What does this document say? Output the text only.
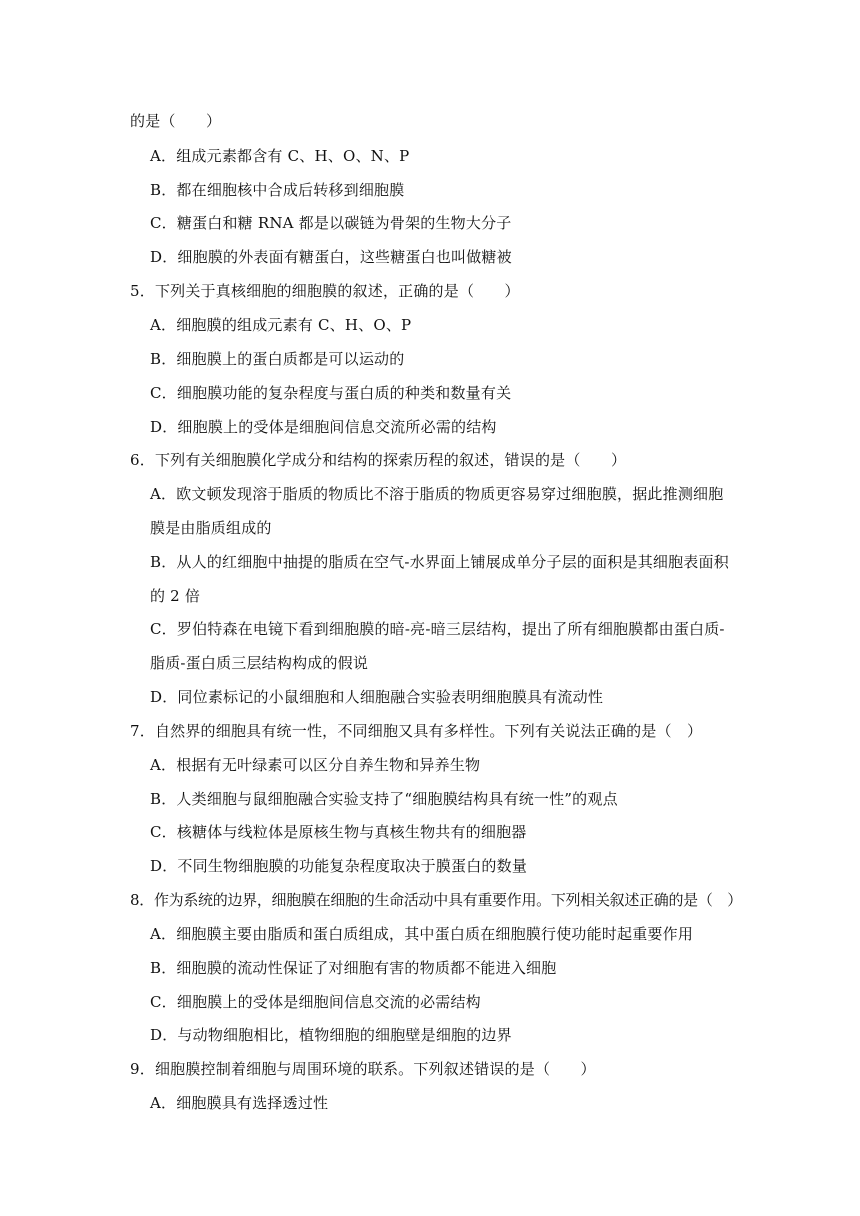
的是（　　）
A．组成元素都含有 C、H、O、N、P
B．都在细胞核中合成后转移到细胞膜
C．糖蛋白和糖 RNA 都是以碳链为骨架的生物大分子
D．细胞膜的外表面有糖蛋白，这些糖蛋白也叫做糖被
5．下列关于真核细胞的细胞膜的叙述，正确的是（　　）
A．细胞膜的组成元素有 C、H、O、P
B．细胞膜上的蛋白质都是可以运动的
C．细胞膜功能的复杂程度与蛋白质的种类和数量有关
D．细胞膜上的受体是细胞间信息交流所必需的结构
6．下列有关细胞膜化学成分和结构的探索历程的叙述，错误的是（　　）
A．欧文顿发现溶于脂质的物质比不溶于脂质的物质更容易穿过细胞膜，据此推测细胞
膜是由脂质组成的
B．从人的红细胞中抽提的脂质在空气-水界面上铺展成单分子层的面积是其细胞表面积
的 2 倍
C．罗伯特森在电镜下看到细胞膜的暗-亮-暗三层结构，提出了所有细胞膜都由蛋白质-
脂质-蛋白质三层结构构成的假说
D．同位素标记的小鼠细胞和人细胞融合实验表明细胞膜具有流动性
7．自然界的细胞具有统一性，不同细胞又具有多样性。下列有关说法正确的是（　）
A．根据有无叶绿素可以区分自养生物和异养生物
B．人类细胞与鼠细胞融合实验支持了“细胞膜结构具有统一性”的观点
C．核糖体与线粒体是原核生物与真核生物共有的细胞器
D．不同生物细胞膜的功能复杂程度取决于膜蛋白的数量
8．作为系统的边界，细胞膜在细胞的生命活动中具有重要作用。下列相关叙述正确的是（　）
A．细胞膜主要由脂质和蛋白质组成，其中蛋白质在细胞膜行使功能时起重要作用
B．细胞膜的流动性保证了对细胞有害的物质都不能进入细胞
C．细胞膜上的受体是细胞间信息交流的必需结构
D．与动物细胞相比，植物细胞的细胞壁是细胞的边界
9．细胞膜控制着细胞与周围环境的联系。下列叙述错误的是（　　）
A．细胞膜具有选择透过性
